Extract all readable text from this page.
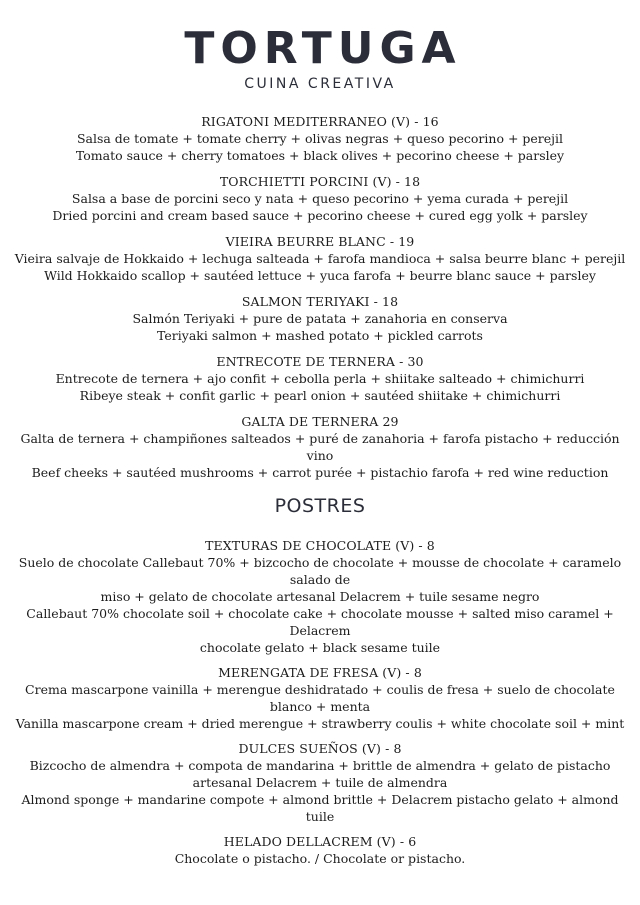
TORTUGA
CUINA CREATIVA
RIGATONI MEDITERRANEO (V) - 16
Salsa de tomate + tomate cherry + olivas negras + queso pecorino + perejil
Tomato sauce + cherry tomatoes + black olives + pecorino cheese + parsley
TORCHIETTI PORCINI (V) - 18
Salsa a base de porcini seco y nata + queso pecorino + yema curada + perejil
Dried porcini and cream based sauce + pecorino cheese + cured egg yolk + parsley
VIEIRA BEURRE BLANC - 19
Vieira salvaje de Hokkaido + lechuga salteada + farofa mandioca + salsa beurre blanc + perejil
Wild Hokkaido scallop + sautéed lettuce + yuca farofa + beurre blanc sauce + parsley
SALMON TERIYAKI - 18
Salmón Teriyaki + pure de patata + zanahoria en conserva
Teriyaki salmon + mashed potato + pickled carrots
ENTRECOTE DE TERNERA - 30
Entrecote de ternera + ajo confit + cebolla perla + shiitake salteado + chimichurri
Ribeye steak + confit garlic + pearl onion + sautéed shiitake + chimichurri
GALTA DE TERNERA 29
Galta de ternera + champiñones salteados + puré de zanahoria + farofa pistacho + reducción vino
Beef cheeks + sautéed mushrooms + carrot purée + pistachio farofa + red wine reduction
POSTRES
TEXTURAS DE CHOCOLATE (V) - 8
Suelo de chocolate Callebaut 70% + bizcocho de chocolate + mousse de chocolate + caramelo salado de
miso + gelato de chocolate artesanal Delacrem + tuile sesame negro
Callebaut 70% chocolate soil + chocolate cake + chocolate mousse + salted miso caramel + Delacrem
chocolate gelato + black sesame tuile
MERENGATA DE FRESA (V) - 8
Crema mascarpone vainilla + merengue deshidratado + coulis de fresa + suelo de chocolate
blanco + menta
Vanilla mascarpone cream + dried merengue + strawberry coulis + white chocolate soil + mint
DULCES SUEÑOS (V) - 8
Bizcocho de almendra + compota de mandarina + brittle de almendra + gelato de pistacho
artesanal Delacrem + tuile de almendra
Almond sponge + mandarine compote + almond brittle + Delacrem pistacho gelato + almond
tuile
HELADO DELLACREM (V) - 6
Chocolate o pistacho. / Chocolate or pistacho.
